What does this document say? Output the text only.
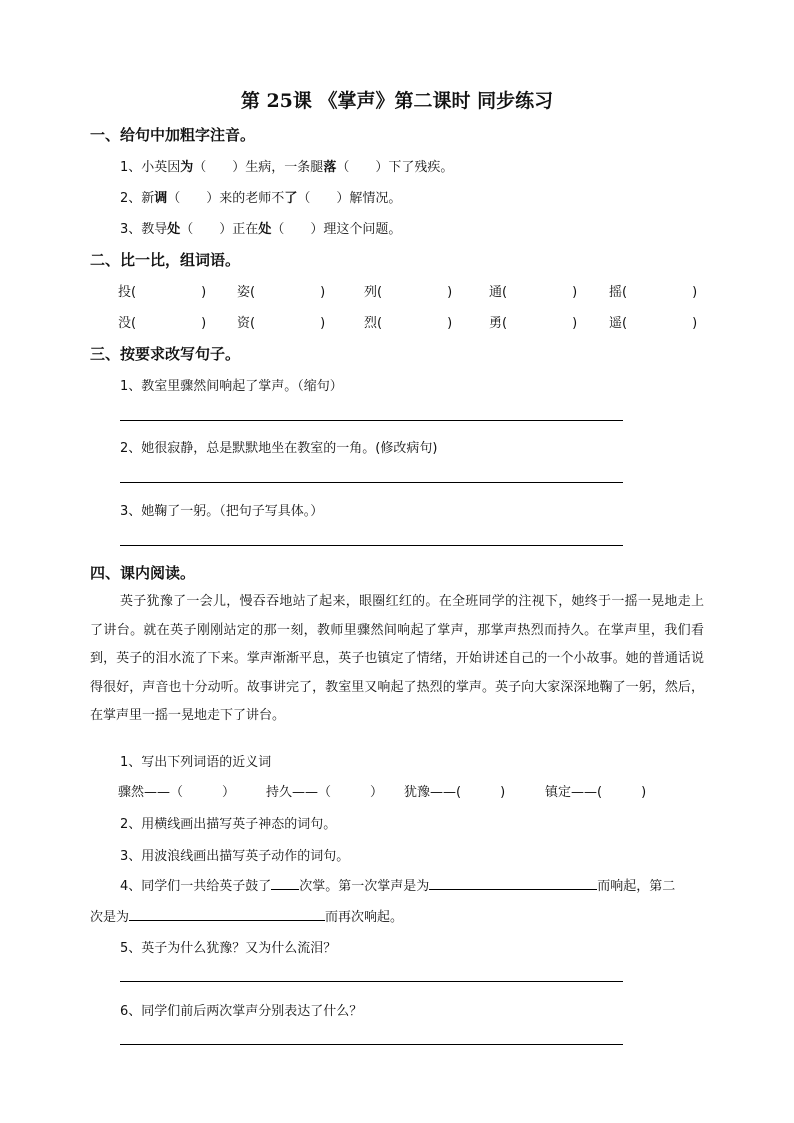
第 25课 《掌声》第二课时 同步练习
一、给句中加粗字注音。
1、小英因为（　　）生病，一条腿落（　　）下了残疾。
2、新调（　　）来的老师不了（　　）解情况。
3、教导处（　　）正在处（　　）理这个问题。
二、比一比，组词语。
投(　　　　　) 姿(　　　　　)	列(　　　　　)	通(　　　　　) 摇(　　　　　)
没(　　　　　) 资(　　　　　)	烈(　　　　　)	勇(　　　　　) 遥(　　　　　)
三、按要求改写句子。
1、教室里骤然间响起了掌声。（缩句）
2、她很寂静，总是默默地坐在教室的一角。(修改病句)
3、她鞠了一躬。（把句子写具体。）
四、课内阅读。
英子犹豫了一会儿，慢吞吞地站了起来，眼圈红红的。在全班同学的注视下，她终于一摇一晃地走上了讲台。就在英子刚刚站定的那一刻，教师里骤然间响起了掌声，那掌声热烈而持久。在掌声里，我们看到，英子的泪水流了下来。掌声渐渐平息，英子也镇定了情绪，开始讲述自己的一个小故事。她的普通话说得很好，声音也十分动听。故事讲完了，教室里又响起了热烈的掌声。英子向大家深深地鞠了一躬，然后，在掌声里一摇一晃地走下了讲台。
1、写出下列词语的近义词
骤然——（　　　） 持久——（　　　） 犹豫——(　　　)	镇定——(　　　)
2、用横线画出描写英子神态的词句。
3、用波浪线画出描写英子动作的词句。
4、同学们一共给英子鼓了 次掌。第一次掌声是为	而响起，第二
次是为	而再次响起。
5、英子为什么犹豫？又为什么流泪？
6、同学们前后两次掌声分别表达了什么？
